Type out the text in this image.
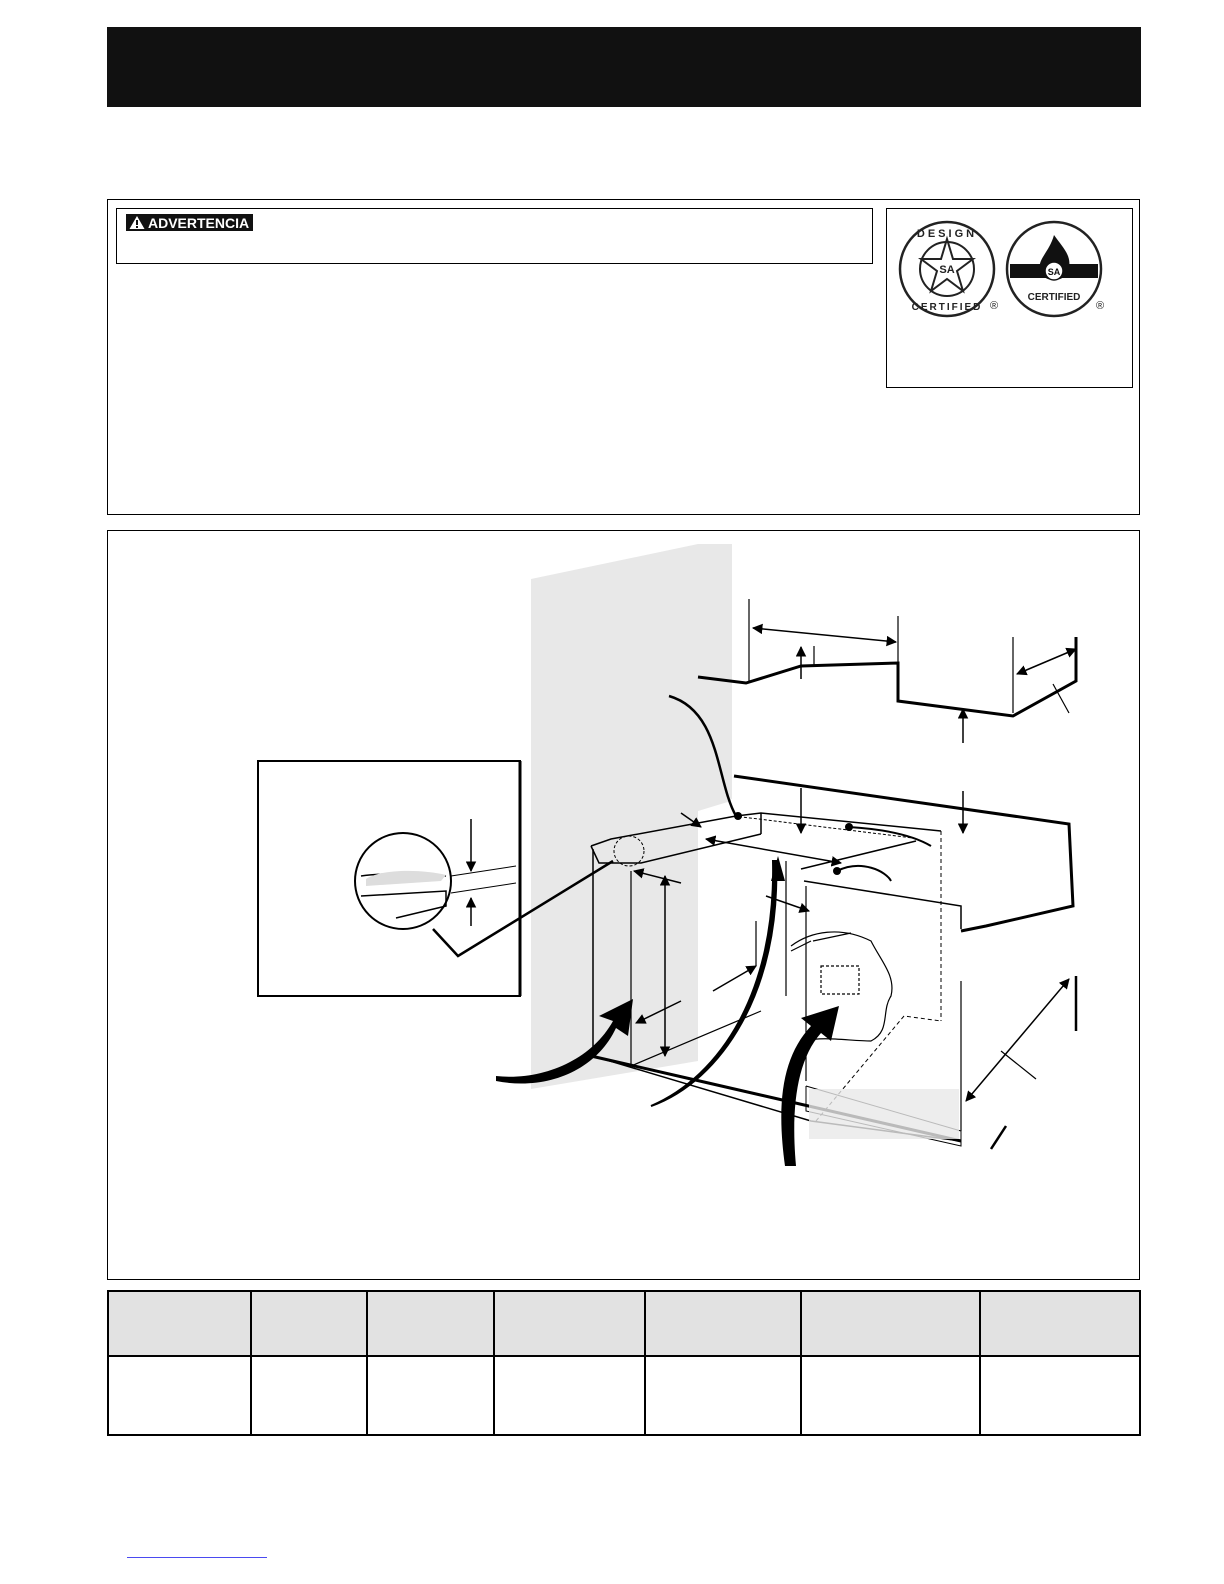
ADVERTENCIA
SA
DESIGN
CERTIFIED ®
SA
CERTIFIED
®
